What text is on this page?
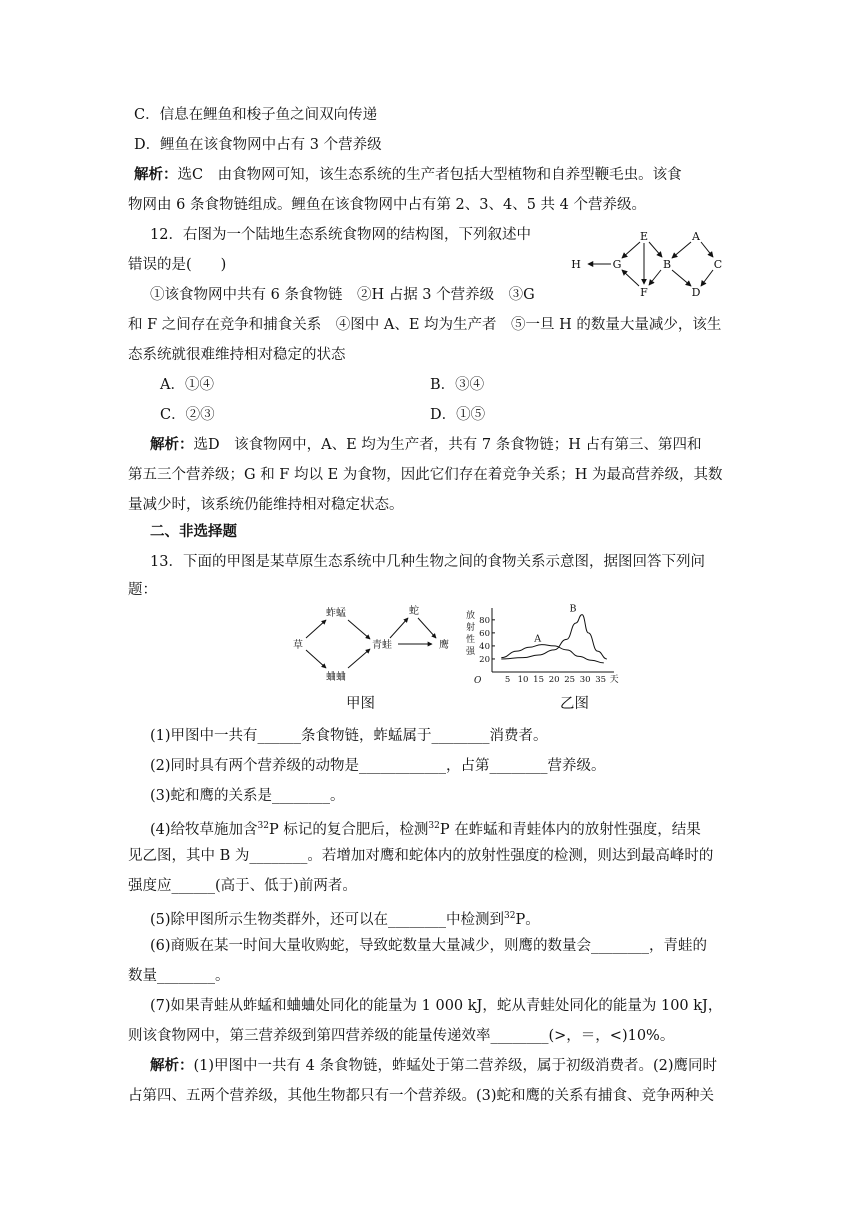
C．信息在鲤鱼和梭子鱼之间双向传递
D．鲤鱼在该食物网中占有 3 个营养级
解析：选C　由食物网可知，该生态系统的生产者包括大型植物和自养型鞭毛虫。该食
物网由 6 条食物链组成。鲤鱼在该食物网中占有第 2、3、4、5 共 4 个营养级。
12．右图为一个陆地生态系统食物网的结构图，下列叙述中
错误的是(　　)
①该食物网中共有 6 条食物链　②H 占据 3 个营养级　③G
和 F 之间存在竞争和捕食关系　④图中 A、E 均为生产者　⑤一旦 H 的数量大量减少，该生
态系统就很难维持相对稳定的状态
A．①④	B．③④
C．②③	D．①⑤
解析：选D　该食物网中，A、E 均为生产者，共有 7 条食物链；H 占有第三、第四和
第五三个营养级；G 和 F 均以 E 为食物，因此它们存在着竞争关系；H 为最高营养级，其数
量减少时，该系统仍能维持相对稳定状态。
二、非选择题
13．下面的甲图是某草原生态系统中几种生物之间的食物关系示意图，据图回答下列问
题：
甲图	乙图
(1)甲图中一共有______条食物链，蚱蜢属于________消费者。
(2)同时具有两个营养级的动物是____________，占第________营养级。
(3)蛇和鹰的关系是________。
(4)给牧草施加含$^{32}$P 标记的复合肥后，检测$^{32}$P 在蚱蜢和青蛙体内的放射性强度，结果
见乙图，其中 B 为________。若增加对鹰和蛇体内的放射性强度的检测，则达到最高峰时的
强度应______(高于、低于)前两者。
(5)除甲图所示生物类群外，还可以在________中检测到$^{32}$P。
(6)商贩在某一时间大量收购蛇，导致蛇数量大量减少，则鹰的数量会________，青蛙的
数量________。
(7)如果青蛙从蚱蜢和蛐蛐处同化的能量为 1 000 kJ，蛇从青蛙处同化的能量为 100 kJ，
则该食物网中，第三营养级到第四营养级的能量传递效率________(>，＝，<)10%。
解析：(1)甲图中一共有 4 条食物链，蚱蜢处于第二营养级，属于初级消费者。(2)鹰同时
占第四、五两个营养级，其他生物都只有一个营养级。(3)蛇和鹰的关系有捕食、竞争两种关
H	G
E
F
B
A
C
D
草
蚱蜢
蛐蛐
青蛙
蛇
鹰
放
射
性
强
O
20
40
60
80
5 10 15 20 25 30 35 天
A
B
